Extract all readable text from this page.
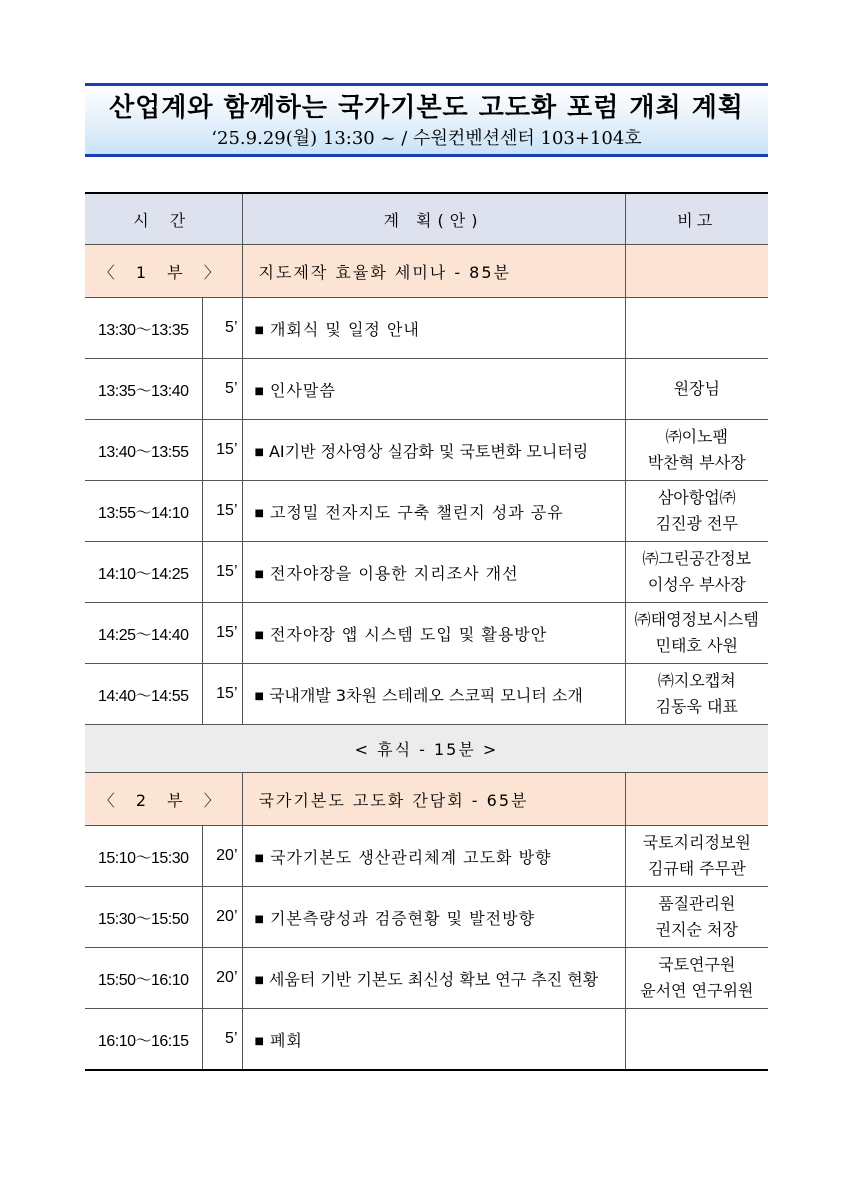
산업계와 함께하는 국가기본도 고도화 포럼 개최 계획
‘25.9.29(월) 13:30 ~ / 수원컨벤션센터 103+104호
시 간		계 획(안)	비고
〈 1 부 〉		지도제작 효율화 세미나 - 85분	
13:30～13:35	5’	■ 개회식 및 일정 안내	
13:35～13:40	5’	■ 인사말씀	원장님

13:40～13:55	15’	■ AI기반 정사영상 실감화 및 국토변화 모니터링	㈜이노팸
박찬혁 부사장

13:55～14:10	15’	■ 고정밀 전자지도 구축 챌린지 성과 공유	삼아항업㈜
김진광 전무

14:10～14:25	15’	■ 전자야장을 이용한 지리조사 개선	㈜그린공간정보
이성우 부사장

14:25～14:40	15’	■ 전자야장 앱 시스템 도입 및 활용방안	㈜태영정보시스템
민태호 사원

14:40～14:55	15’	■ 국내개발 3차원 스테레오 스코픽 모니터 소개	㈜지오캡쳐
김동욱 대표

< 휴식 - 15분 >			
〈 2 부 〉		국가기본도 고도화 간담회 - 65분	
15:10～15:30	20’	■ 국가기본도 생산관리체계 고도화 방향	국토지리정보원
김규태 주무관

15:30～15:50	20’	■ 기본측량성과 검증현황 및 발전방향	품질관리원
권지순 처장

15:50～16:10	20’	■ 세움터 기반 기본도 최신성 확보 연구 추진 현황	국토연구원
윤서연 연구위원

16:10～16:15	5’	■ 폐회	
